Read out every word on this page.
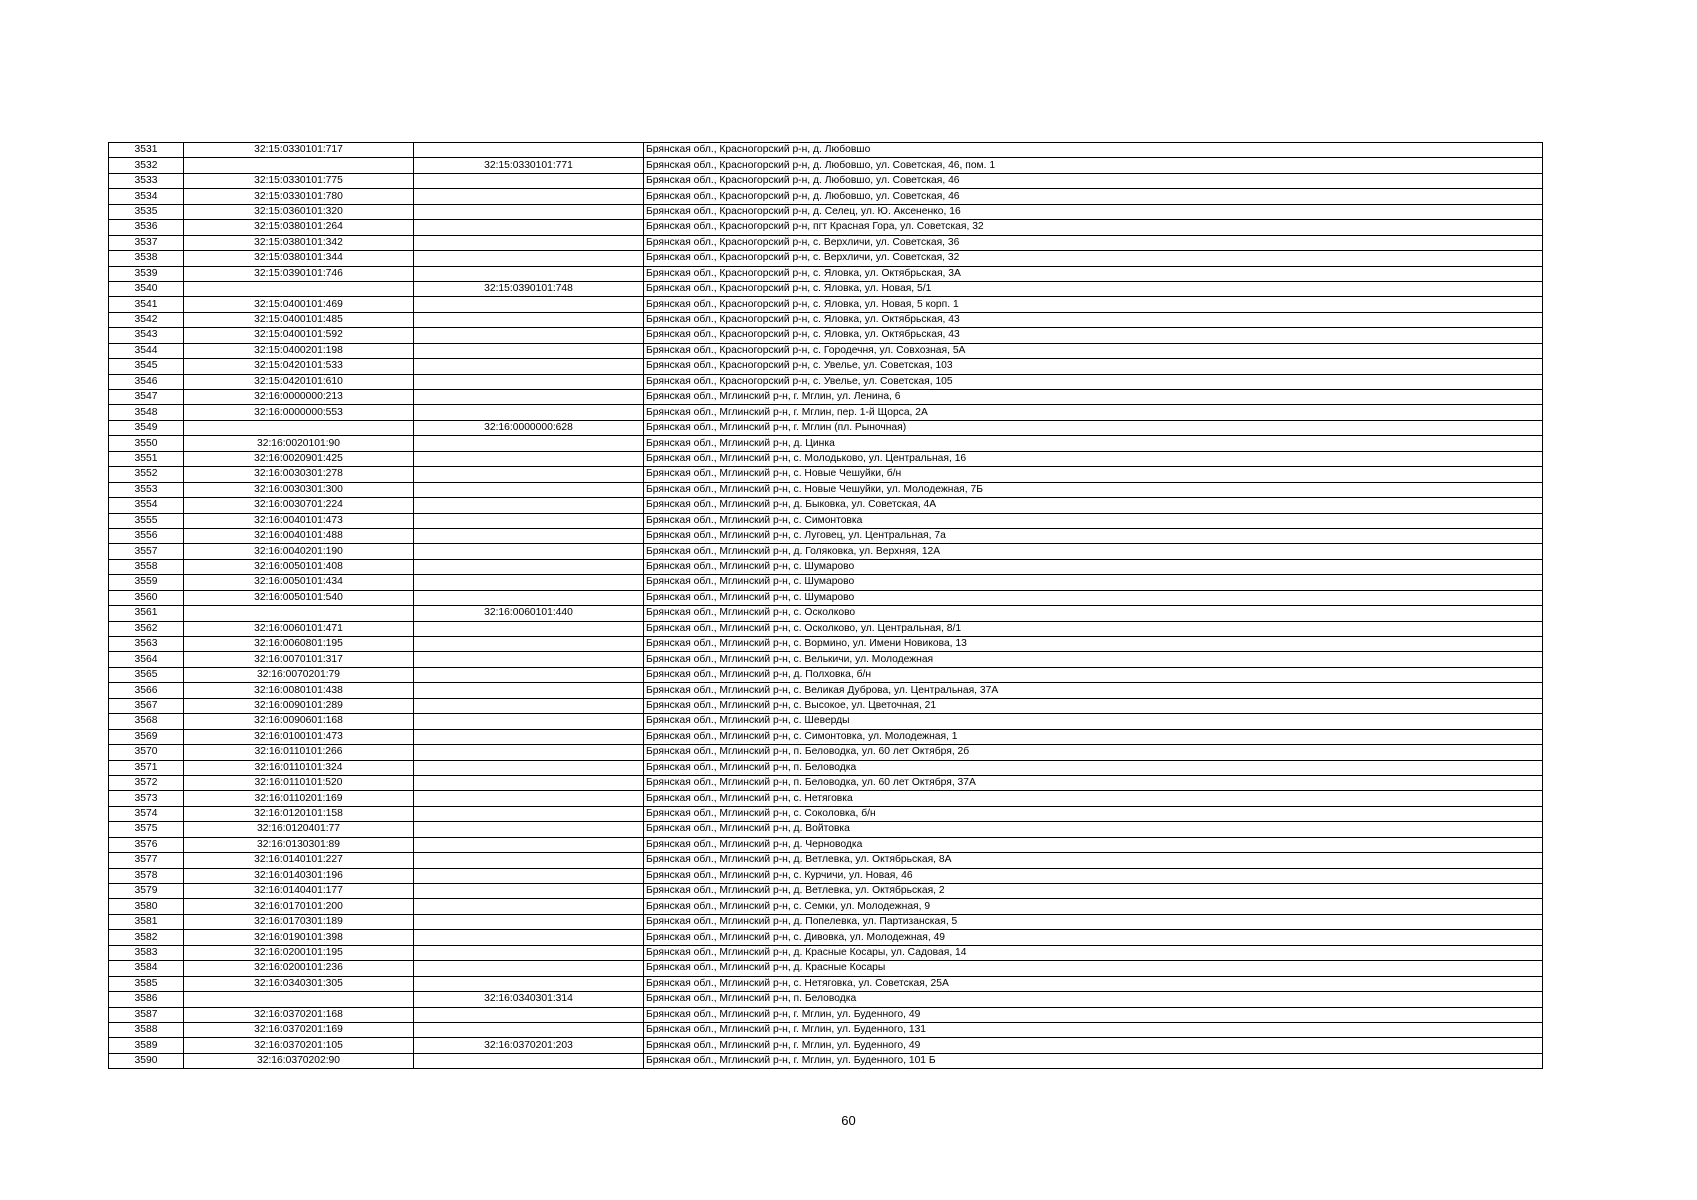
3531	32:15:0330101:717		Брянская обл., Красногорский р-н, д. Любовшо
3532		32:15:0330101:771	Брянская обл., Красногорский р-н, д. Любовшо, ул. Советская, 46, пом. 1
3533	32:15:0330101:775		Брянская обл., Красногорский р-н, д. Любовшо, ул. Советская, 46
3534	32:15:0330101:780		Брянская обл., Красногорский р-н, д. Любовшо, ул. Советская, 46
3535	32:15:0360101:320		Брянская обл., Красногорский р-н, д. Селец, ул. Ю. Аксененко, 16
3536	32:15:0380101:264		Брянская обл., Красногорский р-н, пгт Красная Гора, ул. Советская, 32
3537	32:15:0380101:342		Брянская обл., Красногорский р-н, с. Верхличи, ул. Советская, 36
3538	32:15:0380101:344		Брянская обл., Красногорский р-н, с. Верхличи, ул. Советская, 32
3539	32:15:0390101:746		Брянская обл., Красногорский р-н, с. Яловка, ул. Октябрьская, 3А
3540		32:15:0390101:748	Брянская обл., Красногорский р-н, с. Яловка, ул. Новая, 5/1
3541	32:15:0400101:469		Брянская обл., Красногорский р-н, с. Яловка, ул. Новая, 5 корп. 1
3542	32:15:0400101:485		Брянская обл., Красногорский р-н, с. Яловка, ул. Октябрьская, 43
3543	32:15:0400101:592		Брянская обл., Красногорский р-н, с. Яловка, ул. Октябрьская, 43
3544	32:15:0400201:198		Брянская обл., Красногорский р-н, с. Городечня, ул. Совхозная, 5А
3545	32:15:0420101:533		Брянская обл., Красногорский р-н, с. Увелье, ул. Советская, 103
3546	32:15:0420101:610		Брянская обл., Красногорский р-н, с. Увелье, ул. Советская, 105
3547	32:16:0000000:213		Брянская обл., Мглинский р-н, г. Мглин, ул. Ленина, 6
3548	32:16:0000000:553		Брянская обл., Мглинский р-н, г. Мглин, пер. 1-й Щорса, 2А
3549		32:16:0000000:628	Брянская обл., Мглинский р-н, г. Мглин (пл. Рыночная)
3550	32:16:0020101:90		Брянская обл., Мглинский р-н, д. Цинка
3551	32:16:0020901:425		Брянская обл., Мглинский р-н, с. Молодьково, ул. Центральная, 16
3552	32:16:0030301:278		Брянская обл., Мглинский р-н, с. Новые Чешуйки, б/н
3553	32:16:0030301:300		Брянская обл., Мглинский р-н, с. Новые Чешуйки, ул. Молодежная, 7Б
3554	32:16:0030701:224		Брянская обл., Мглинский р-н, д. Быковка, ул. Советская, 4А
3555	32:16:0040101:473		Брянская обл., Мглинский р-н, с. Симонтовка
3556	32:16:0040101:488		Брянская обл., Мглинский р-н, с. Луговец, ул. Центральная, 7а
3557	32:16:0040201:190		Брянская обл., Мглинский р-н, д. Голяковка, ул. Верхняя, 12А
3558	32:16:0050101:408		Брянская обл., Мглинский р-н, с. Шумарово
3559	32:16:0050101:434		Брянская обл., Мглинский р-н, с. Шумарово
3560	32:16:0050101:540		Брянская обл., Мглинский р-н, с. Шумарово
3561		32:16:0060101:440	Брянская обл., Мглинский р-н, с. Осколково
3562	32:16:0060101:471		Брянская обл., Мглинский р-н, с. Осколково, ул. Центральная, 8/1
3563	32:16:0060801:195		Брянская обл., Мглинский р-н, с. Вормино, ул. Имени Новикова, 13
3564	32:16:0070101:317		Брянская обл., Мглинский р-н, с. Велькичи, ул. Молодежная
3565	32:16:0070201:79		Брянская обл., Мглинский р-н, д. Полховка, б/н
3566	32:16:0080101:438		Брянская обл., Мглинский р-н, с. Великая Дуброва, ул. Центральная, 37А
3567	32:16:0090101:289		Брянская обл., Мглинский р-н, с. Высокое, ул. Цветочная, 21
3568	32:16:0090601:168		Брянская обл., Мглинский р-н, с. Шеверды
3569	32:16:0100101:473		Брянская обл., Мглинский р-н, с. Симонтовка, ул. Молодежная, 1
3570	32:16:0110101:266		Брянская обл., Мглинский р-н, п. Беловодка, ул. 60 лет Октября, 2б
3571	32:16:0110101:324		Брянская обл., Мглинский р-н, п. Беловодка
3572	32:16:0110101:520		Брянская обл., Мглинский р-н, п. Беловодка, ул. 60 лет Октября, 37А
3573	32:16:0110201:169		Брянская обл., Мглинский р-н, с. Нетяговка
3574	32:16:0120101:158		Брянская обл., Мглинский р-н, с. Соколовка, б/н
3575	32:16:0120401:77		Брянская обл., Мглинский р-н, д. Войтовка
3576	32:16:0130301:89		Брянская обл., Мглинский р-н, д. Черноводка
3577	32:16:0140101:227		Брянская обл., Мглинский р-н, д. Ветлевка, ул. Октябрьская, 8А
3578	32:16:0140301:196		Брянская обл., Мглинский р-н, с. Курчичи, ул. Новая, 46
3579	32:16:0140401:177		Брянская обл., Мглинский р-н, д. Ветлевка, ул. Октябрьская, 2
3580	32:16:0170101:200		Брянская обл., Мглинский р-н, с. Семки, ул. Молодежная, 9
3581	32:16:0170301:189		Брянская обл., Мглинский р-н, д. Попелевка, ул. Партизанская, 5
3582	32:16:0190101:398		Брянская обл., Мглинский р-н, с. Дивовка, ул. Молодежная, 49
3583	32:16:0200101:195		Брянская обл., Мглинский р-н, д. Красные Косары, ул. Садовая, 14
3584	32:16:0200101:236		Брянская обл., Мглинский р-н, д. Красные Косары
3585	32:16:0340301:305		Брянская обл., Мглинский р-н, с. Нетяговка, ул. Советская, 25А
3586		32:16:0340301:314	Брянская обл., Мглинский р-н, п. Беловодка
3587	32:16:0370201:168		Брянская обл., Мглинский р-н, г. Мглин, ул. Буденного, 49
3588	32:16:0370201:169		Брянская обл., Мглинский р-н, г. Мглин, ул. Буденного, 131
3589	32:16:0370201:105	32:16:0370201:203	Брянская обл., Мглинский р-н, г. Мглин, ул. Буденного, 49
3590	32:16:0370202:90		Брянская обл., Мглинский р-н, г. Мглин, ул. Буденного, 101 Б
60
